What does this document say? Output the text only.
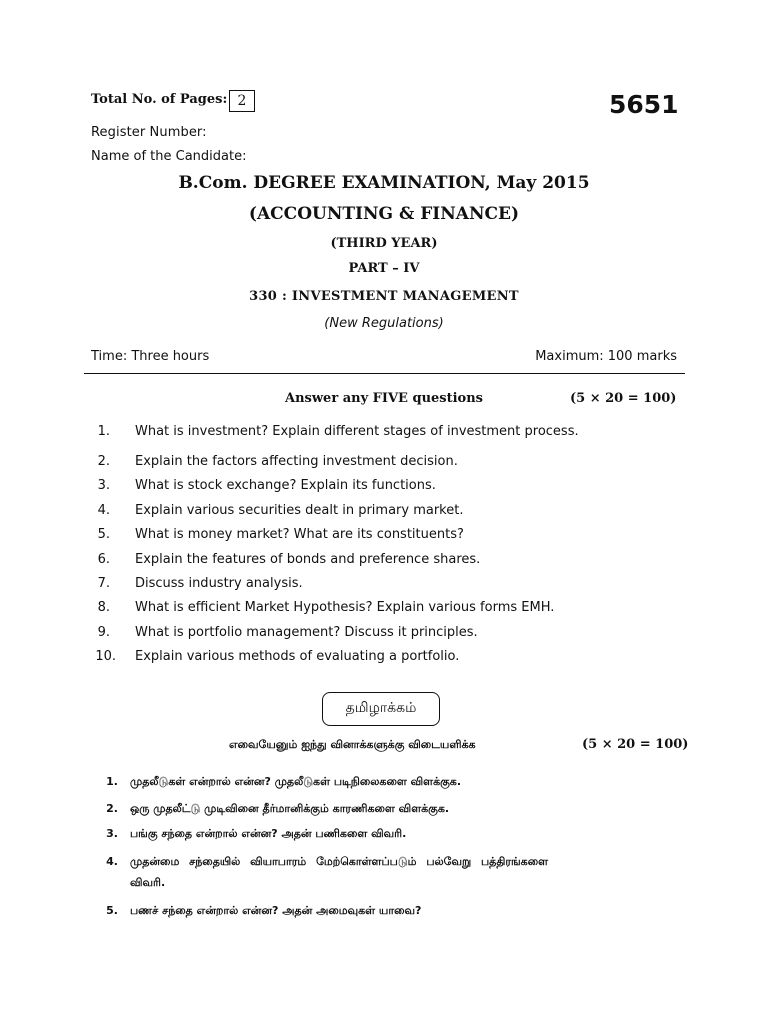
Total No. of Pages: 2	5651
Register Number:
Name of the Candidate:
B.Com. DEGREE EXAMINATION, May 2015
(ACCOUNTING & FINANCE)
(THIRD YEAR)
PART – IV
330 : INVESTMENT MANAGEMENT
(New Regulations)
Time: Three hours	Maximum: 100 marks
Answer any FIVE questions	(5 × 20 = 100)
1. What is investment? Explain different stages of investment process.
2. Explain the factors affecting investment decision.
3. What is stock exchange? Explain its functions.
4. Explain various securities dealt in primary market.
5. What is money market? What are its constituents?
6. Explain the features of bonds and preference shares.
7. Discuss industry analysis.
8. What is efficient Market Hypothesis? Explain various forms EMH.
9. What is portfolio management? Discuss it principles.
10. Explain various methods of evaluating a portfolio.
தமிழாக்கம்
எவையேனும் ஐந்து வினாக்களுக்கு விடையளிக்க	(5 × 20 = 100)
1. முதலீடுகள் என்றால் என்ன? முதலீடுகள் படிநிலைகளை விளக்குக.
2. ஒரு முதலீட்டு முடிவினை தீர்மானிக்கும் காரணிகளை விளக்குக.
3. பங்கு சந்தை என்றால் என்ன? அதன் பணிகளை விவரி.
4. முதன்மை சந்தையில் வியாபாரம் மேற்கொள்ளப்படும் பல்வேறு பத்திரங்களை
விவரி.
5. பணச் சந்தை என்றால் என்ன? அதன் அமைவுகள் யாவை?
